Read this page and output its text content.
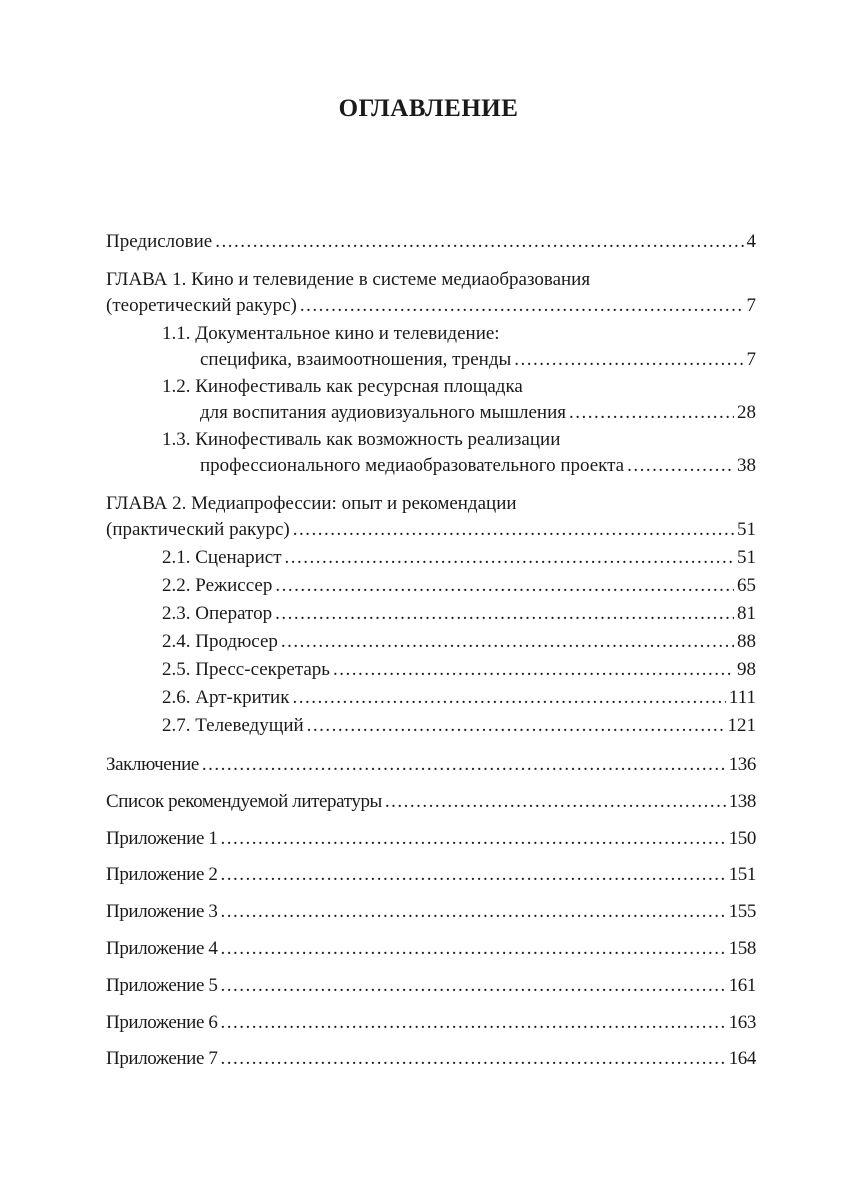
ОГЛАВЛЕНИЕ
Предисловие .....	4
ГЛАВА 1. Кино и телевидение в системе медиаобразования
(теоретический ракурс) .....	7
1.1. Документальное кино и телевидение:
специфика, взаимоотношения, тренды .....	7
1.2. Кинофестиваль как ресурсная площадка
для воспитания аудиовизуального мышления .....	28
1.3. Кинофестиваль как возможность реализации
профессионального медиаобразовательного проекта .....	38
ГЛАВА 2. Медиапрофессии: опыт и рекомендации
(практический ракурс) .....	51
2.1. Сценарист .....	51
2.2. Режиссер .....	65
2.3. Оператор .....	81
2.4. Продюсер .....	88
2.5. Пресс-секретарь .....	98
2.6. Арт-критик .....	111
2.7. Телеведущий .....	121
Заключение .....	136
Список рекомендуемой литературы .....	138
Приложение 1 .....	150
Приложение 2 .....	151
Приложение 3 .....	155
Приложение 4 .....	158
Приложение 5 .....	161
Приложение 6 .....	163
Приложение 7 .....	164
